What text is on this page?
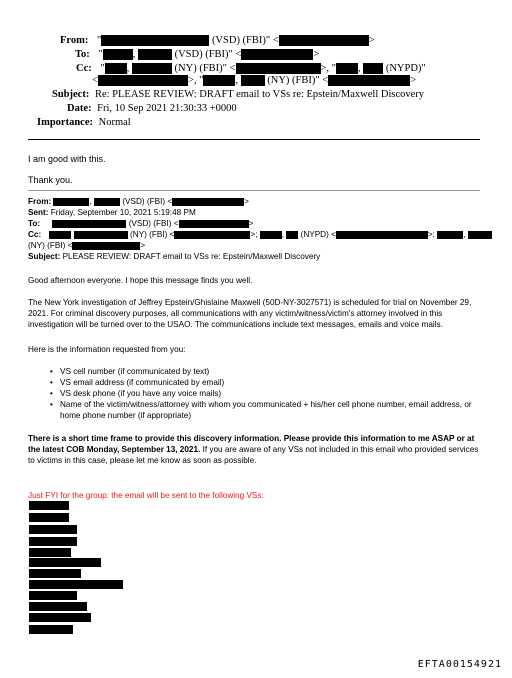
From: "	(VSD) (FBI)" <	>
To: "	,	(VSD) (FBI)" <	>
Cc: " ,	(NY) (FBI)" <	>, " , (NYPD)"
<	>, "	,	(NY) (FBI)" <	>
Subject: Re: PLEASE REVIEW: DRAFT email to VSs re: Epstein/Maxwell Discovery
Date: Fri, 10 Sep 2021 21:30:33 +0000
Importance: Normal
I am good with this.
Thank you.
From:	,	(VSD) (FBI) <	>
Sent: Friday, September 10, 2021 5:19:48 PM
To:	(VSD) (FBI) <	>
Cc:	(NY) (FBI) <	>;	, (NYPD) <	>;	,
(NY) (FBI) <	>
Subject: PLEASE REVIEW: DRAFT email to VSs re: Epstein/Maxwell Discovery
Good afternoon everyone. I hope this message finds you well.
The New York investigation of Jeffrey Epstein/Ghislaine Maxwell (50D-NY-3027571) is scheduled for trial on November 29, 2021. For criminal discovery purposes, all communications with any victim/witness/victim's attorney involved in this investigation will be turned over to the USAO. The communications include text messages, emails and voice mails.
Here is the information requested from you:
• VS cell number (if communicated by text)
• VS email address (if communicated by email)
• VS desk phone (if you have any voice mails)
• Name of the victim/witness/attorney with whom you communicated + his/her cell phone number, email address, or home phone number (if appropriate)
There is a short time frame to provide this discovery information. Please provide this information to me ASAP or at the latest COB Monday, September 13, 2021. If you are aware of any VSs not included in this email who provided services to victims in this case, please let me know as soon as possible.
Just FYI for the group: the email will be sent to the following VSs:
EFTA00154921
